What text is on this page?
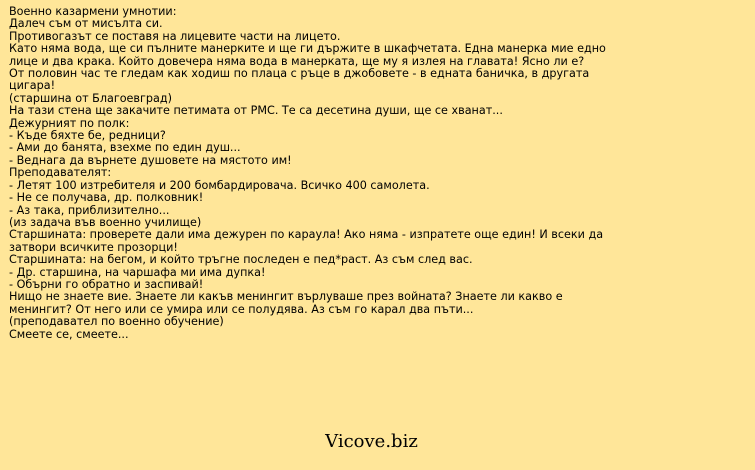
Военно казармени умнотии:
Далеч съм от мисълта си.
Противогазът се поставя на лицевите части на лицето.
Като няма вода, ще си пълните манерките и ще ги държите в шкафчетата. Една манерка мие едно
лице и два крака. Който довечера няма вода в манерката, ще му я излея на главата! Ясно ли е?
От половин час те гледам как ходиш по плаца с ръце в джобовете - в едната баничка, в другата
цигара!
(старшина от Благоевград)
На тази стена ще закачите петимата от РМС. Те са десетина души, ще се хванат...
Дежурният по полк:
- Къде бяхте бе, редници?
- Ами до банята, взехме по един душ...
- Веднага да върнете душовете на мястото им!
Преподавателят:
- Летят 100 изтребителя и 200 бомбардировача. Всичко 400 самолета.
- Не се получава, др. полковник!
- Аз така, приблизително...
(из задача във военно училище)
Старшината: проверете дали има дежурен по караула! Ако няма - изпратете още един! И всеки да
затвори всичките прозорци!
Старшината: на бегом, и който тръгне последен е пед*раст. Аз съм след вас.
- Др. старшина, на чаршафа ми има дупка!
- Обърни го обратно и заспивай!
Нищо не знаете вие. Знаете ли какъв менингит върлуваше през войната? Знаете ли какво е
менингит? От него или се умира или се полудява. Аз съм го карал два пъти...
(преподавател по военно обучение)
Смеете се, смеете...
Vicove.biz
